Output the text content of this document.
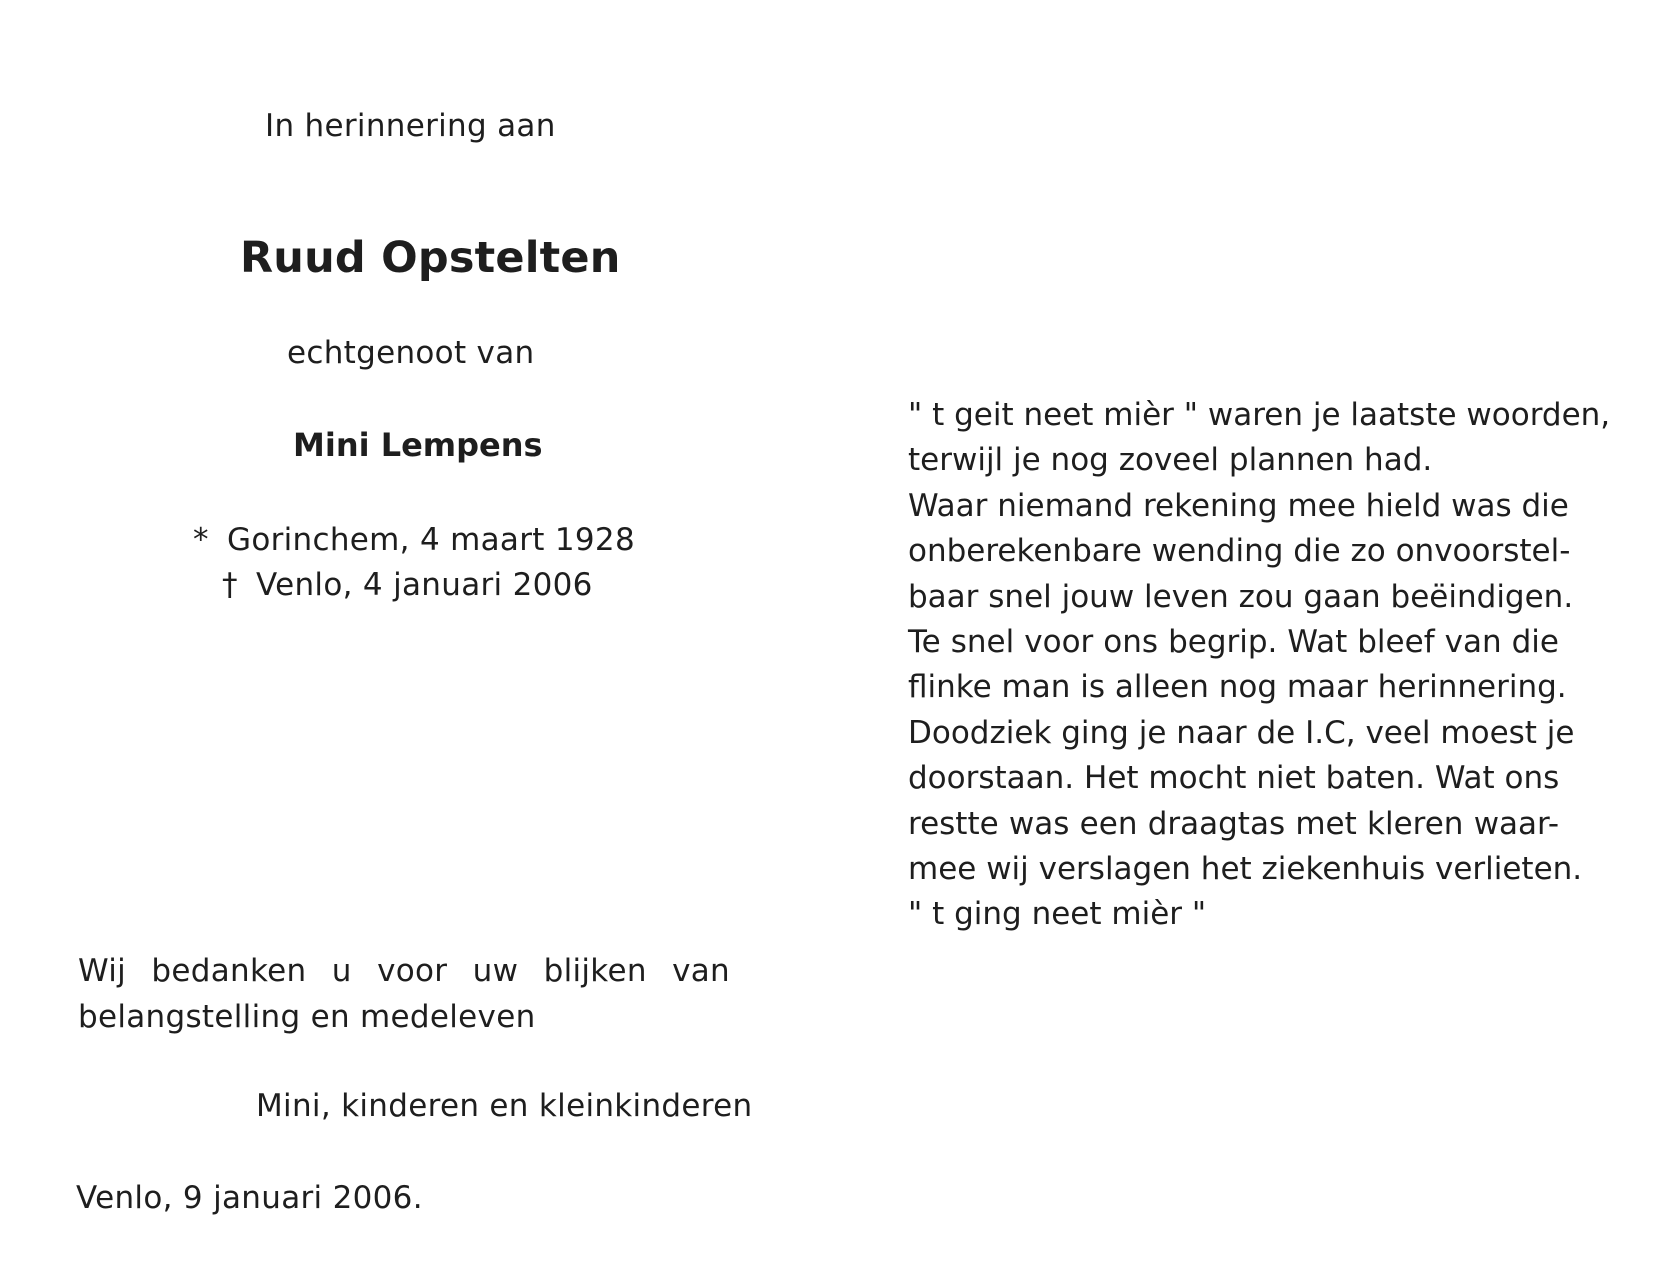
In herinnering aan
Ruud Opstelten
echtgenoot van
Mini Lempens
* Gorinchem, 4 maart 1928
† Venlo, 4 januari 2006
Wij bedanken u voor uw blijken van
belangstelling en medeleven
Mini, kinderen en kleinkinderen
Venlo, 9 januari 2006.
" t geit neet mièr " waren je laatste woorden,
terwijl je nog zoveel plannen had.
Waar niemand rekening mee hield was die
onberekenbare wending die zo onvoorstel-
baar snel jouw leven zou gaan beëindigen.
Te snel voor ons begrip. Wat bleef van die
flinke man is alleen nog maar herinnering.
Doodziek ging je naar de I.C, veel moest je
doorstaan. Het mocht niet baten. Wat ons
restte was een draagtas met kleren waar-
mee wij verslagen het ziekenhuis verlieten.
" t ging neet mièr "
